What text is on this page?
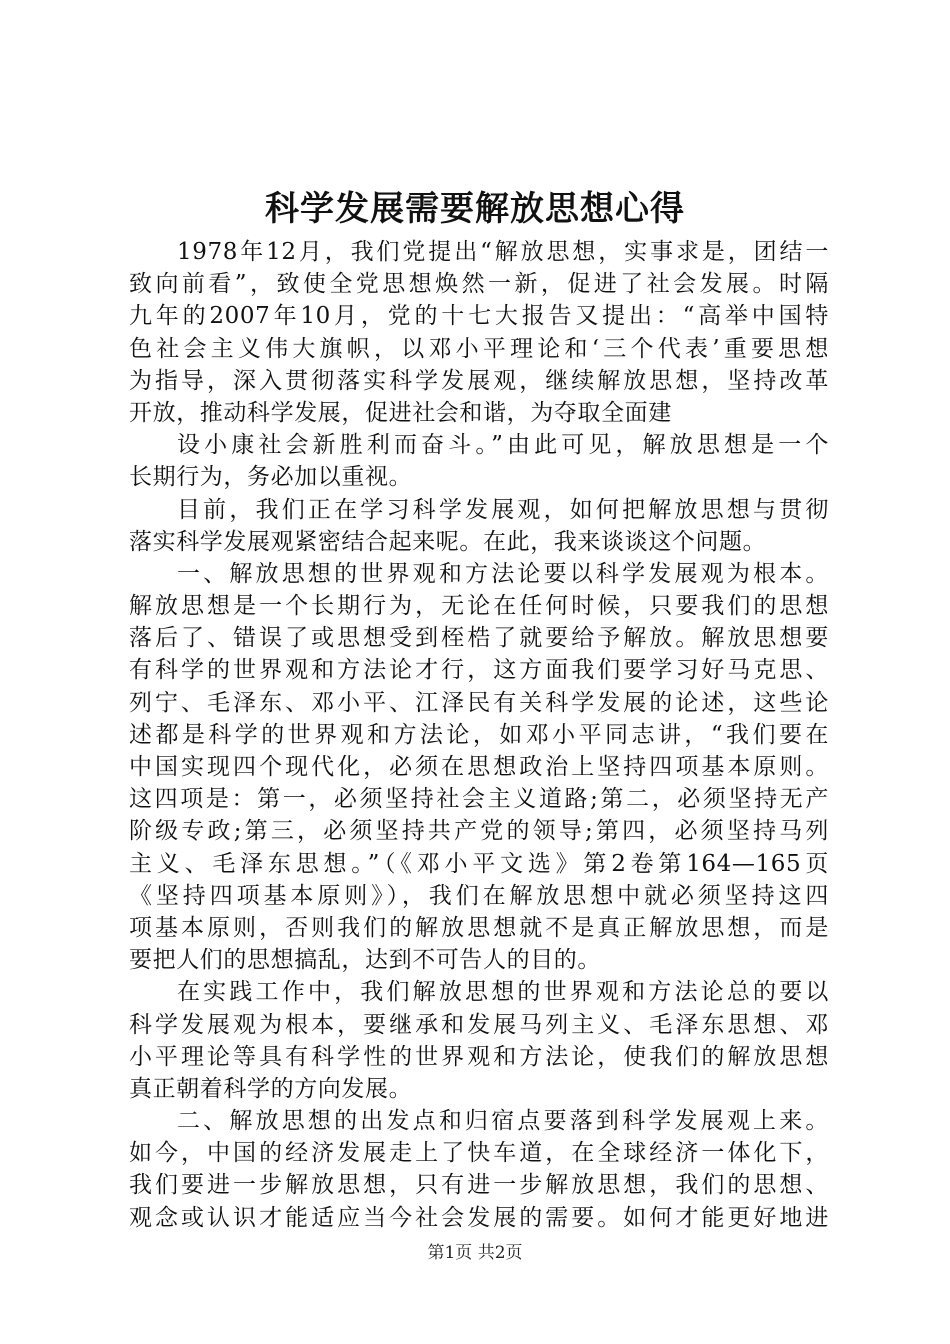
科学发展需要解放思想心得
1978年12月，我们党提出“解放思想，实事求是，团结一
致向前看”，致使全党思想焕然一新，促进了社会发展。时隔
九年的2007年10月，党的十七大报告又提出：“高举中国特
色社会主义伟大旗帜，以邓小平理论和‘三个代表’重要思想
为指导，深入贯彻落实科学发展观，继续解放思想，坚持改革
开放，推动科学发展，促进社会和谐，为夺取全面建
设小康社会新胜利而奋斗。”由此可见，解放思想是一个
长期行为，务必加以重视。
目前，我们正在学习科学发展观，如何把解放思想与贯彻
落实科学发展观紧密结合起来呢。在此，我来谈谈这个问题。
一、解放思想的世界观和方法论要以科学发展观为根本。
解放思想是一个长期行为，无论在任何时候，只要我们的思想
落后了、错误了或思想受到桎梏了就要给予解放。解放思想要
有科学的世界观和方法论才行，这方面我们要学习好马克思、
列宁、毛泽东、邓小平、江泽民有关科学发展的论述，这些论
述都是科学的世界观和方法论，如邓小平同志讲，“我们要在
中国实现四个现代化，必须在思想政治上坚持四项基本原则。
这四项是：第一，必须坚持社会主义道路;第二，必须坚持无产
阶级专政;第三，必须坚持共产党的领导;第四，必须坚持马列
主义、毛泽东思想。”（《邓小平文选》第2卷第164—165页
《坚持四项基本原则》），我们在解放思想中就必须坚持这四
项基本原则，否则我们的解放思想就不是真正解放思想，而是
要把人们的思想搞乱，达到不可告人的目的。
在实践工作中，我们解放思想的世界观和方法论总的要以
科学发展观为根本，要继承和发展马列主义、毛泽东思想、邓
小平理论等具有科学性的世界观和方法论，使我们的解放思想
真正朝着科学的方向发展。
二、解放思想的出发点和归宿点要落到科学发展观上来。
如今，中国的经济发展走上了快车道，在全球经济一体化下，
我们要进一步解放思想，只有进一步解放思想，我们的思想、
观念或认识才能适应当今社会发展的需要。如何才能更好地进
第1页 共2页
